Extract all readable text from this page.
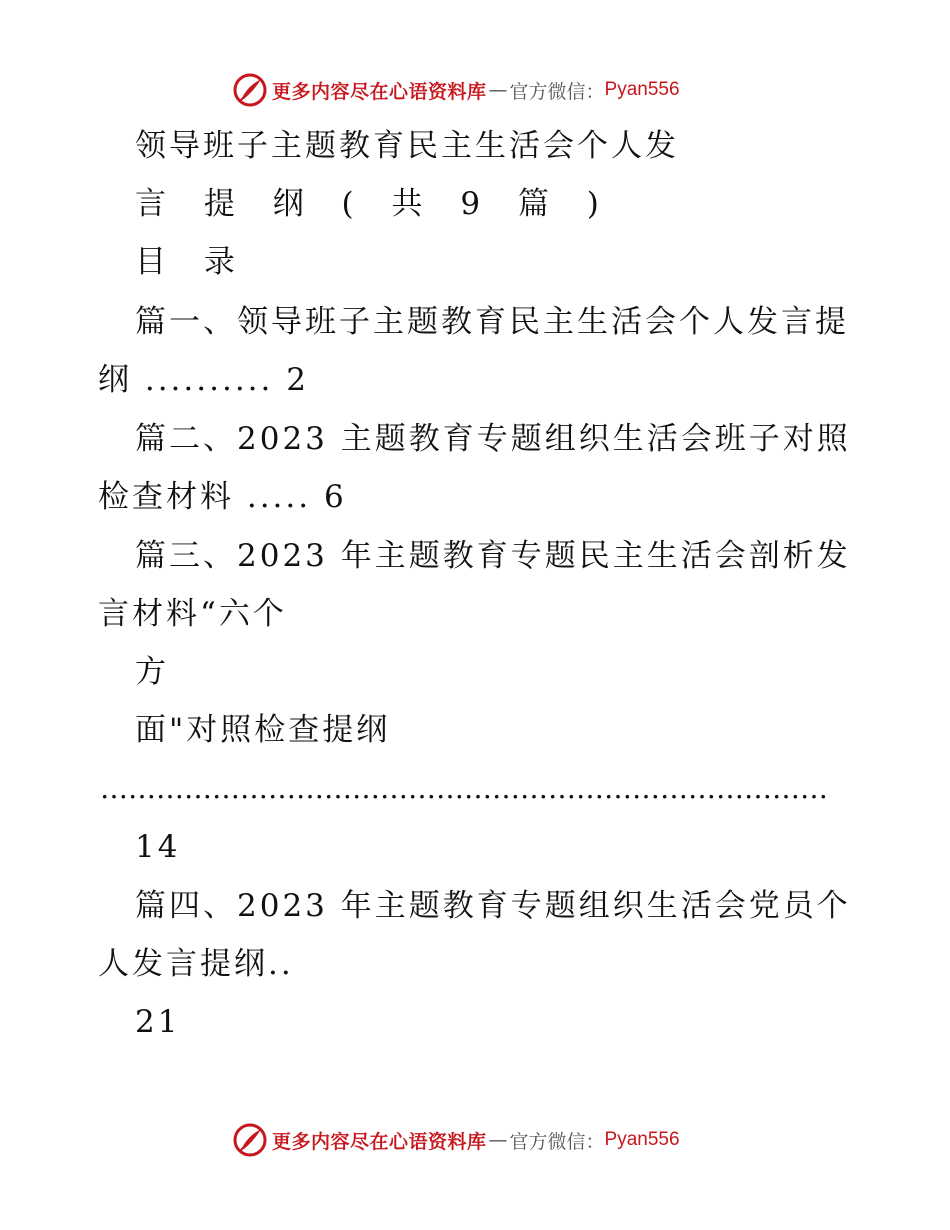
更多内容尽在心语资料库 — 官方微信： Pyan556
领导班子主题教育民主生活会个人发
言 提 纲 ( 共 9 篇 )
目 录
篇一、领导班子主题教育民主生活会个人发言提
纲 .......... 2
篇二、2023 主题教育专题组织生活会班子对照
检查材料 ..... 6
篇三、2023 年主题教育专题民主生活会剖析发
言材料“六个
方
面"对照检查提纲
……………………………………………………………………
14
篇四、2023 年主题教育专题组织生活会党员个
人发言提纲..
21
更多内容尽在心语资料库 — 官方微信： Pyan556
